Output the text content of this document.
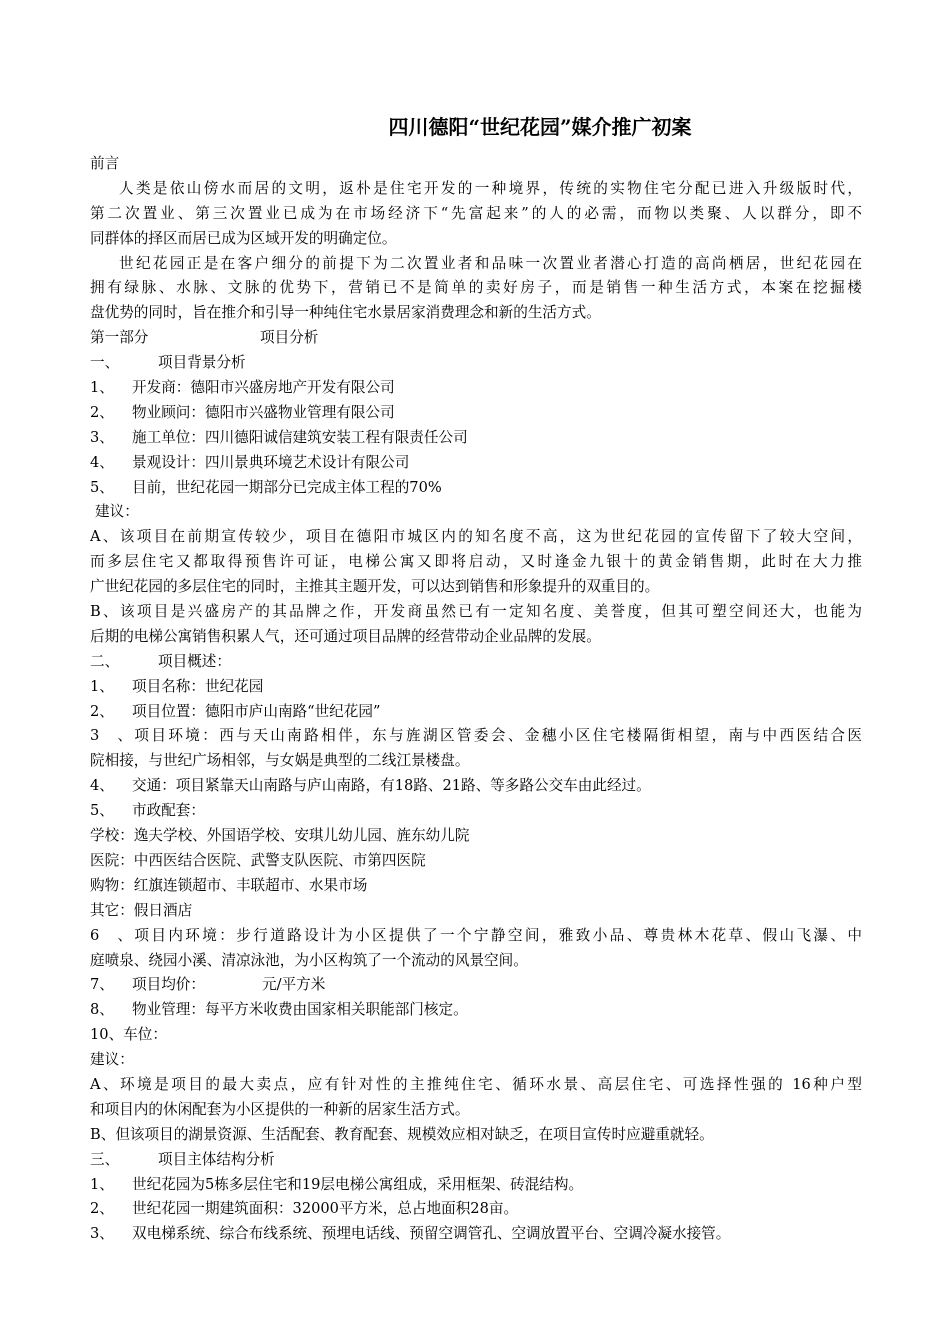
四川德阳“世纪花园”媒介推广初案
前言
人类是依山傍水而居的文明，返朴是住宅开发的一种境界，传统的实物住宅分配已进入升级版时代，
第二次置业、第三次置业已成为在市场经济下“先富起来”的人的必需，而物以类聚、人以群分，即不
同群体的择区而居已成为区域开发的明确定位。
世纪花园正是在客户细分的前提下为二次置业者和品味一次置业者潜心打造的高尚栖居，世纪花园在
拥有绿脉、水脉、文脉的优势下，营销已不是简单的卖好房子，而是销售一种生活方式，本案在挖掘楼
盘优势的同时，旨在推介和引导一种纯住宅水景居家消费理念和新的生活方式。
第一部分	项目分析
一、	项目背景分析
1、 开发商：德阳市兴盛房地产开发有限公司
2、 物业顾问：德阳市兴盛物业管理有限公司
3、 施工单位：四川德阳诚信建筑安装工程有限责任公司
4、 景观设计：四川景典环境艺术设计有限公司
5、 目前，世纪花园一期部分已完成主体工程的70%
建议：
A、该项目在前期宣传较少，项目在德阳市城区内的知名度不高，这为世纪花园的宣传留下了较大空间，
而多层住宅又都取得预售许可证，电梯公寓又即将启动，又时逢金九银十的黄金销售期，此时在大力推
广世纪花园的多层住宅的同时，主推其主题开发，可以达到销售和形象提升的双重目的。
B、该项目是兴盛房产的其品牌之作，开发商虽然已有一定知名度、美誉度，但其可塑空间还大，也能为
后期的电梯公寓销售积累人气，还可通过项目品牌的经营带动企业品牌的发展。
二、	项目概述：
1、 项目名称：世纪花园
2、 项目位置：德阳市庐山南路“世纪花园”
3、项目环境：西与天山南路相伴，东与旌湖区管委会、金穗小区住宅楼隔街相望，南与中西医结合医
院相接，与世纪广场相邻，与女娲是典型的二线江景楼盘。
4、 交通：项目紧靠天山南路与庐山南路，有18路、21路、等多路公交车由此经过。
5、 市政配套：
学校：逸夫学校、外国语学校、安琪儿幼儿园、旌东幼儿院
医院：中西医结合医院、武警支队医院、市第四医院
购物：红旗连锁超市、丰联超市、水果市场
其它：假日酒店
6、项目内环境：步行道路设计为小区提供了一个宁静空间，雅致小品、尊贵林木花草、假山飞瀑、中
庭喷泉、绕园小溪、清凉泳池，为小区构筑了一个流动的风景空间。
7、 项目均价：	元/平方米
8、 物业管理：每平方米收费由国家相关职能部门核定。
10、车位：
建议：
A、环境是项目的最大卖点，应有针对性的主推纯住宅、循环水景、高层住宅、可选择性强的 16种户型
和项目内的休闲配套为小区提供的一种新的居家生活方式。
B、但该项目的湖景资源、生活配套、教育配套、规模效应相对缺乏，在项目宣传时应避重就轻。
三、	项目主体结构分析
1、 世纪花园为5栋多层住宅和19层电梯公寓组成，采用框架、砖混结构。
2、 世纪花园一期建筑面积：32000平方米，总占地面积28亩。
3、 双电梯系统、综合布线系统、预埋电话线、预留空调管孔、空调放置平台、空调冷凝水接管。
